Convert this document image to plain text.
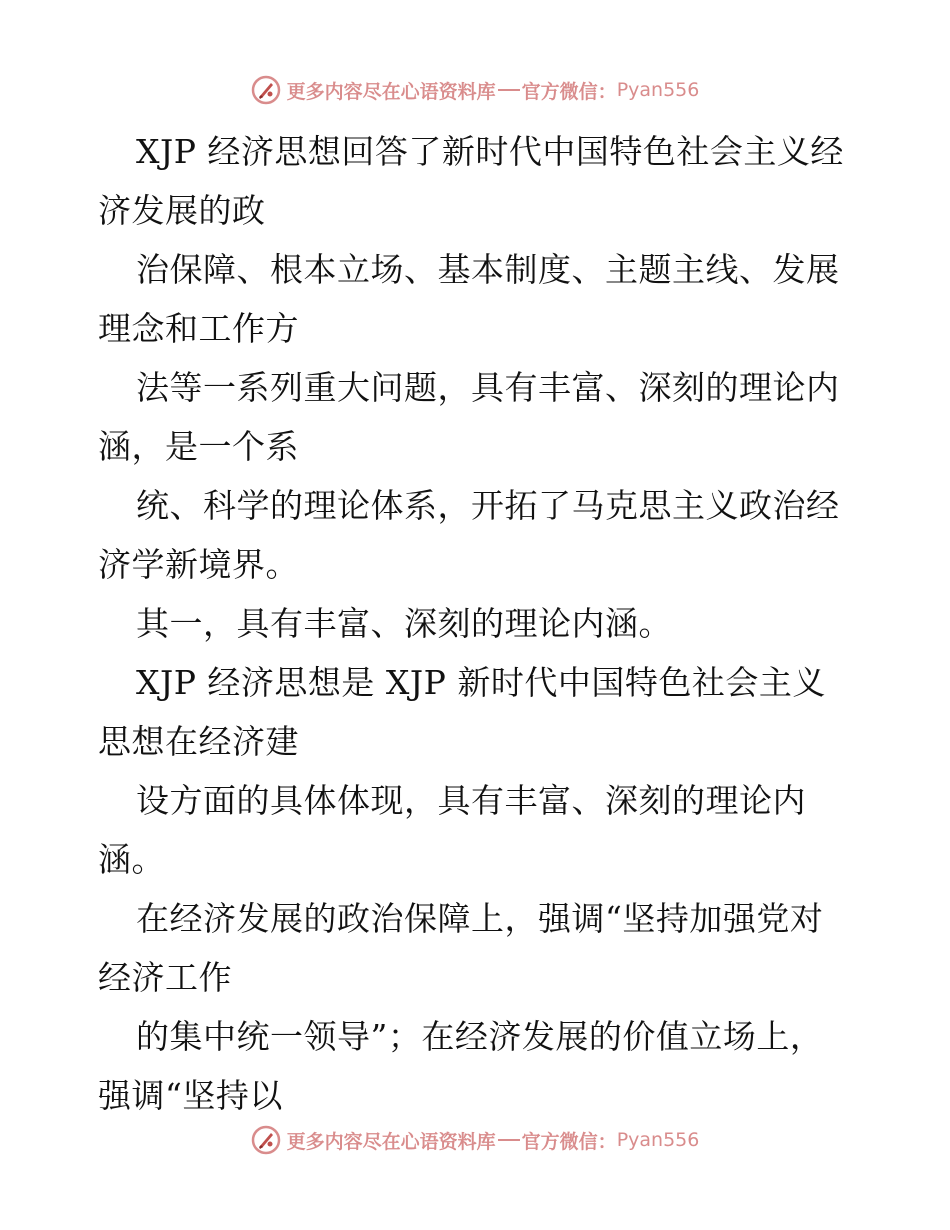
更多内容尽在心语资料库 官方微信： Pyan556
XJP 经济思想回答了新时代中国特色社会主义经
济发展的政
治保障、根本立场、基本制度、主题主线、发展
理念和工作方
法等一系列重大问题，具有丰富、深刻的理论内
涵，是一个系
统、科学的理论体系，开拓了马克思主义政治经
济学新境界。
其一，具有丰富、深刻的理论内涵。
XJP 经济思想是 XJP 新时代中国特色社会主义
思想在经济建
设方面的具体体现，具有丰富、深刻的理论内
涵。
在经济发展的政治保障上，强调“坚持加强党对
经济工作
的集中统一领导”；在经济发展的价值立场上，
强调“坚持以
更多内容尽在心语资料库 官方微信： Pyan556
